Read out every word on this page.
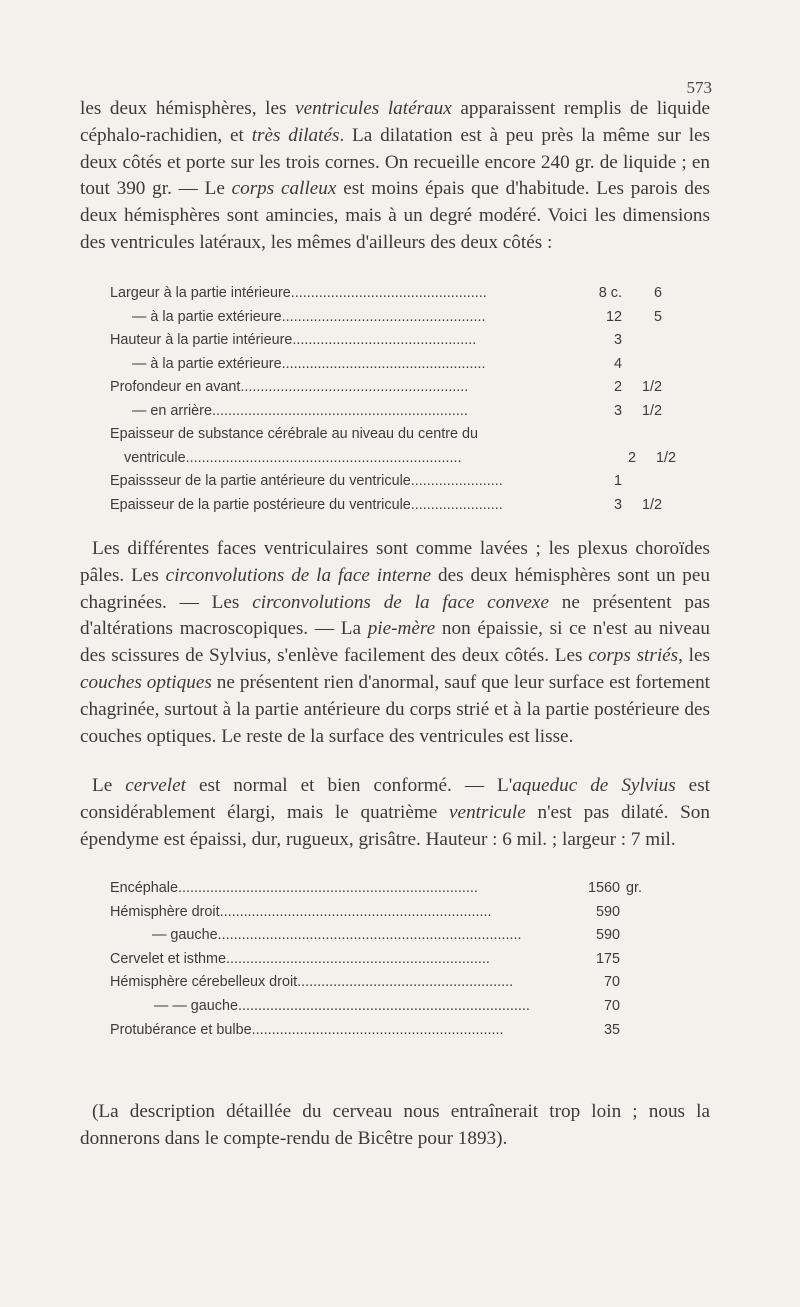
573

les deux hémisphères, les ventricules latéraux apparaissent remplis de liquide céphalo-rachidien, et très dilatés. La dilatation est à peu près la même sur les deux côtés et porte sur les trois cornes. On recueille encore 240 gr. de liquide ; en tout 390 gr. — Le corps calleux est moins épais que d'habitude. Les parois des deux hémisphères sont amincies, mais à un degré modéré. Voici les dimensions des ventricules latéraux, les mêmes d'ailleurs des deux côtés :

Largeur à la partie intérieure.................................................	8 c.	6
— à la partie extérieure...................................................	12	5
Hauteur à la partie intérieure..............................................	3
— à la partie extérieure...................................................	4
Profondeur en avant.........................................................	2	1/2
— en arrière................................................................	3	1/2
Epaisseur de substance cérébrale au niveau du centre du
ventricule.....................................................................	2	1/2
Epaissseur de la partie antérieure du ventricule.......................	1
Epaisseur de la partie postérieure du ventricule.......................	3	1/2

Les différentes faces ventriculaires sont comme lavées ; les plexus choroïdes pâles. Les circonvolutions de la face interne des deux hémisphères sont un peu chagrinées. — Les circonvolutions de la face convexe ne présentent pas d'altérations macroscopiques. — La pie-mère non épaissie, si ce n'est au niveau des scissures de Sylvius, s'enlève facilement des deux côtés. Les corps striés, les couches optiques ne présentent rien d'anormal, sauf que leur surface est fortement chagrinée, surtout à la partie antérieure du corps strié et à la partie postérieure des couches optiques. Le reste de la surface des ventricules est lisse.

Le cervelet est normal et bien conformé. — L'aqueduc de Sylvius est considérablement élargi, mais le quatrième ventricule n'est pas dilaté. Son épendyme est épaissi, dur, rugueux, grisâtre. Hauteur : 6 mil. ; largeur : 7 mil.

Encéphale...........................................................................	1560 gr.
Hémisphère droit....................................................................	590
— gauche............................................................................	590
Cervelet et isthme..................................................................	175
Hémisphère cérebelleux droit......................................................	70
— — gauche.........................................................................	70
Protubérance et bulbe...............................................................	35

(La description détaillée du cerveau nous entraînerait trop loin ; nous la donnerons dans le compte-rendu de Bicêtre pour 1893).
